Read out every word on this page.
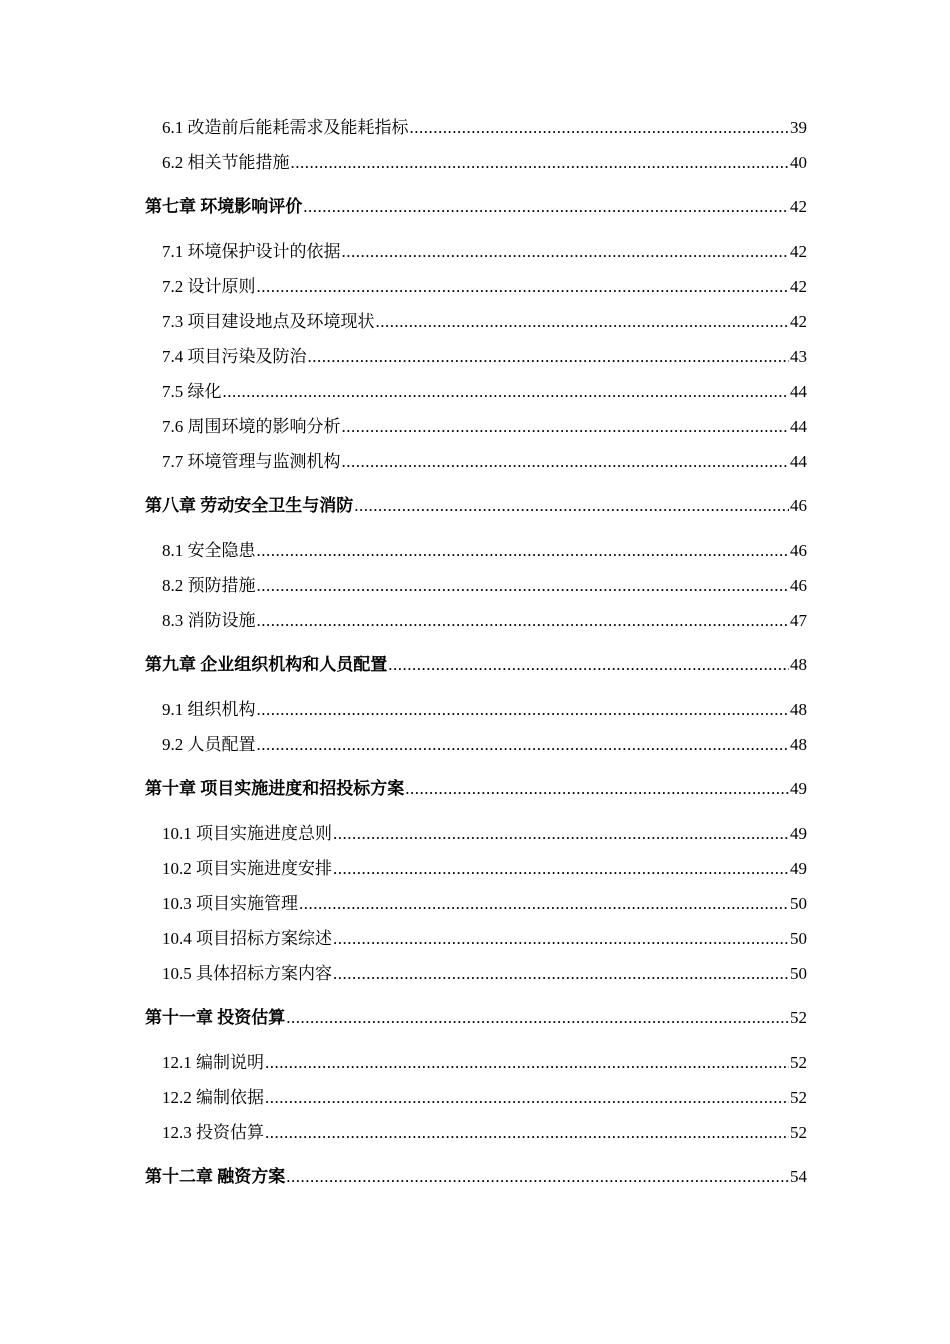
6.1 改造前后能耗需求及能耗指标 .....	39
6.2 相关节能措施 .....	40
第七章 环境影响评价 .....	42
7.1 环境保护设计的依据 .....	42
7.2 设计原则 .....	42
7.3 项目建设地点及环境现状 .....	42
7.4 项目污染及防治 .....	43
7.5 绿化 .....	44
7.6 周围环境的影响分析 .....	44
7.7 环境管理与监测机构 .....	44
第八章 劳动安全卫生与消防 .....	46
8.1 安全隐患 .....	46
8.2 预防措施 .....	46
8.3 消防设施 .....	47
第九章 企业组织机构和人员配置 .....	48
9.1 组织机构 .....	48
9.2 人员配置 .....	48
第十章 项目实施进度和招投标方案 .....	49
10.1 项目实施进度总则 .....	49
10.2 项目实施进度安排 .....	49
10.3 项目实施管理 .....	50
10.4 项目招标方案综述 .....	50
10.5 具体招标方案内容 .....	50
第十一章 投资估算 .....	52
12.1 编制说明 .....	52
12.2 编制依据 .....	52
12.3 投资估算 .....	52
第十二章 融资方案 .....	54
